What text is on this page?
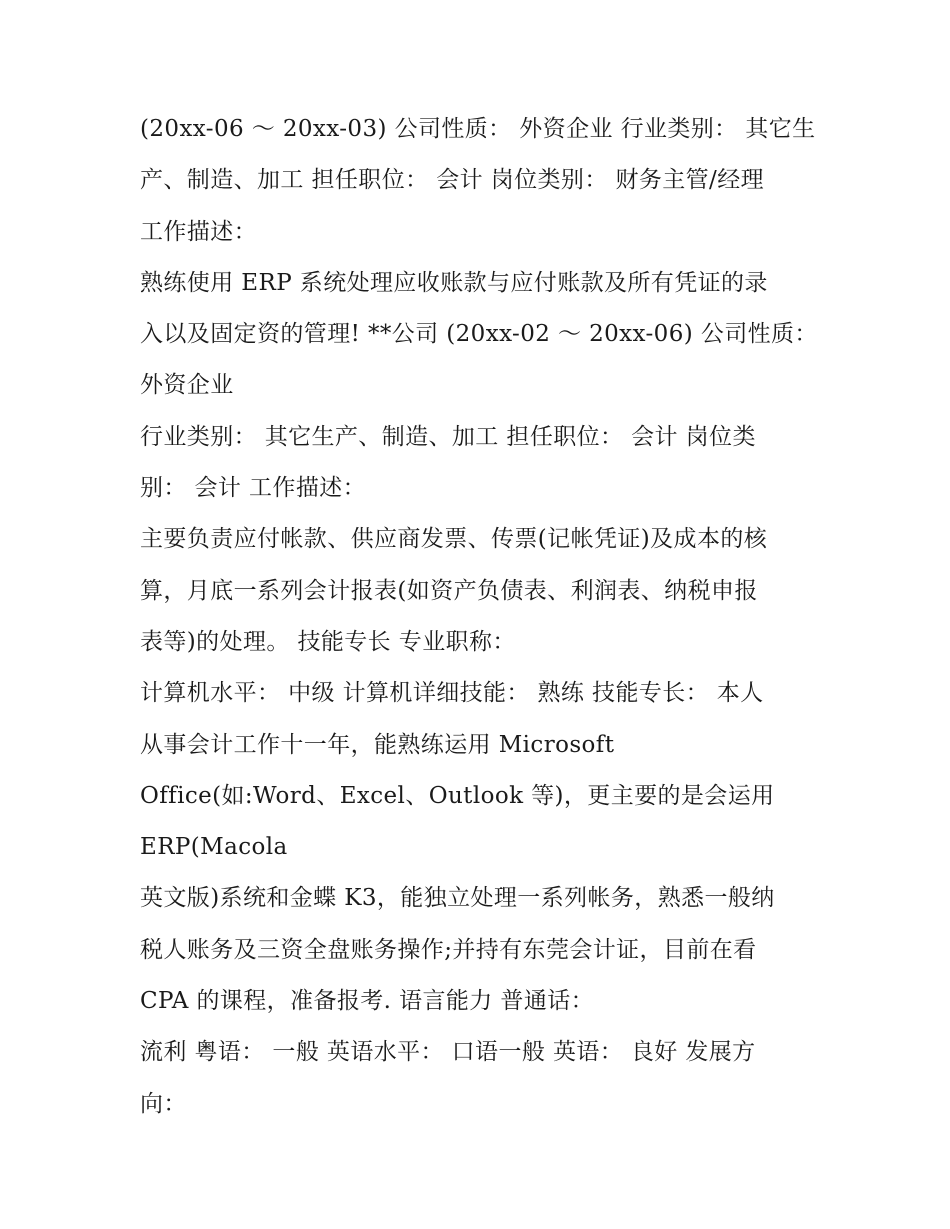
(20xx-06 ～ 20xx-03) 公司性质： 外资企业 行业类别： 其它生
产、制造、加工 担任职位： 会计 岗位类别： 财务主管/经理
工作描述：
熟练使用 ERP 系统处理应收账款与应付账款及所有凭证的录
入以及固定资的管理! **公司 (20xx-02 ～ 20xx-06) 公司性质：
外资企业
行业类别： 其它生产、制造、加工 担任职位： 会计 岗位类
别： 会计 工作描述：
主要负责应付帐款、供应商发票、传票(记帐凭证)及成本的核
算，月底一系列会计报表(如资产负债表、利润表、纳税申报
表等)的处理。 技能专长 专业职称：
计算机水平： 中级 计算机详细技能： 熟练 技能专长： 本人
从事会计工作十一年，能熟练运用 Microsoft
Office(如:Word、Excel、Outlook 等)，更主要的是会运用
ERP(Macola
英文版)系统和金蝶 K3，能独立处理一系列帐务，熟悉一般纳
税人账务及三资全盘账务操作;并持有东莞会计证，目前在看
CPA 的课程，准备报考. 语言能力 普通话：
流利 粤语： 一般 英语水平： 口语一般 英语： 良好 发展方
向：
